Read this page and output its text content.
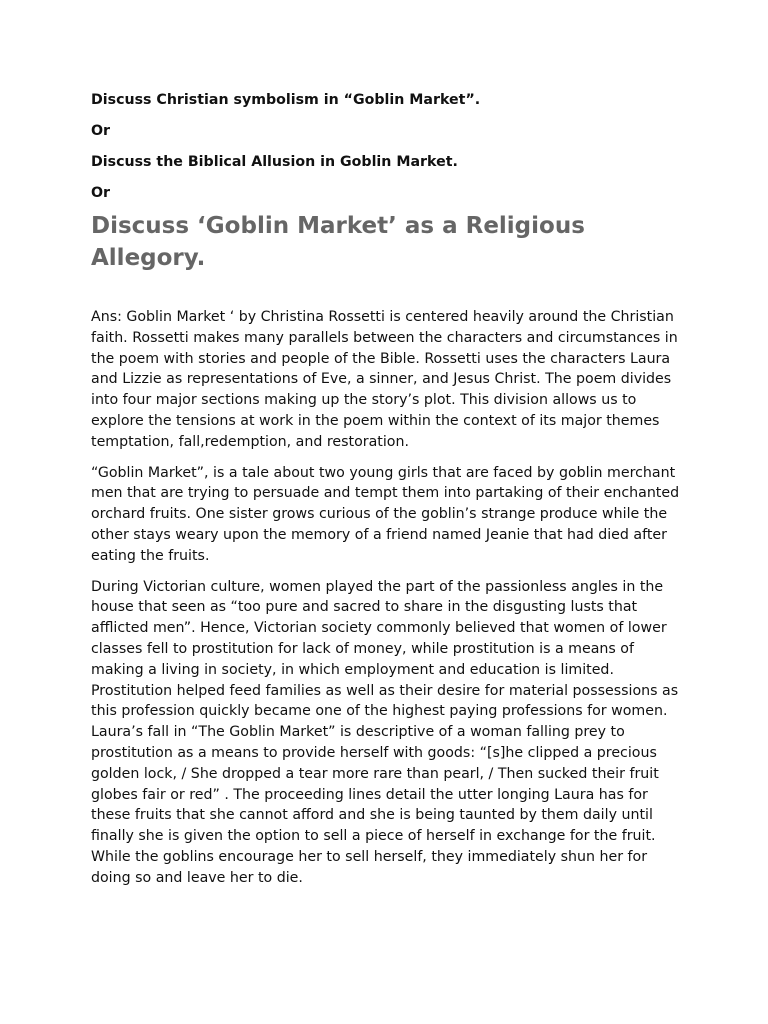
Discuss Christian symbolism in “Goblin Market”.

Or

Discuss the Biblical Allusion in Goblin Market.

Or

Discuss ‘Goblin Market’ as a Religious Allegory.

Ans: Goblin Market ‘ by Christina Rossetti is centered heavily around the Christian faith. Rossetti makes many parallels between the characters and circumstances in the poem with stories and people of the Bible. Rossetti uses the characters Laura and Lizzie as representations of Eve, a sinner, and Jesus Christ. The poem divides into four major sections making up the story’s plot. This division allows us to explore the tensions at work in the poem within the context of its major themes temptation, fall,redemption, and restoration.

“Goblin Market”, is a tale about two young girls that are faced by goblin merchant men that are trying to persuade and tempt them into partaking of their enchanted orchard fruits. One sister grows curious of the goblin’s strange produce while the other stays weary upon the memory of a friend named Jeanie that had died after eating the fruits.

During Victorian culture, women played the part of the passionless angles in the house that seen as “too pure and sacred to share in the disgusting lusts that afflicted men”. Hence, Victorian society commonly believed that women of lower classes fell to prostitution for lack of money, while prostitution is a means of making a living in society, in which employment and education is limited. Prostitution helped feed families as well as their desire for material possessions as this profession quickly became one of the highest paying professions for women. Laura’s fall in “The Goblin Market” is descriptive of a woman falling prey to prostitution as a means to provide herself with goods: “[s]he clipped a precious golden lock, / She dropped a tear more rare than pearl, / Then sucked their fruit globes fair or red” . The proceeding lines detail the utter longing Laura has for these fruits that she cannot afford and she is being taunted by them daily until finally she is given the option to sell a piece of herself in exchange for the fruit. While the goblins encourage her to sell herself, they immediately shun her for doing so and leave her to die.
